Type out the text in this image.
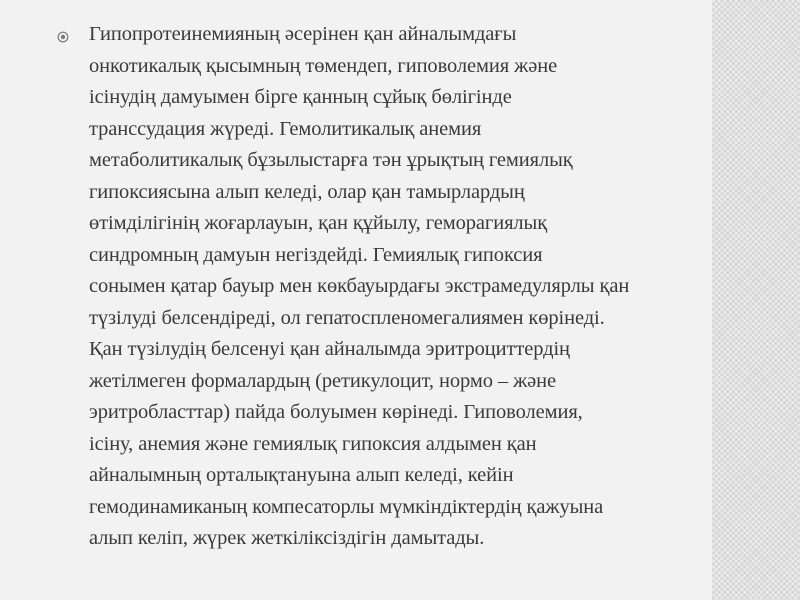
Гипопротеинемияның әсерінен қан айналымдағы
онкотикалық қысымның төмендеп, гиповолемия және
ісінудің дамуымен бірге қанның сұйық бөлігінде
транссудация жүреді. Гемолитикалық анемия
метаболитикалық бұзылыстарға тән ұрықтың гемиялық
гипоксиясына алып келеді, олар қан тамырлардың
өтімділігінің жоғарлауын, қан құйылу, геморагиялық
синдромның дамуын негіздейді. Гемиялық гипоксия
сонымен қатар бауыр мен көкбауырдағы экстрамедулярлы қан
түзілуді белсендіреді, ол гепатоспленомегалиямен көрінеді.
Қан түзілудің белсенуі қан айналымда эритроциттердің
жетілмеген формалардың (ретикулоцит, нормо – және
эритробласттар) пайда болуымен көрінеді. Гиповолемия,
ісіну, анемия және гемиялық гипоксия алдымен қан
айналымның орталықтануына алып келеді, кейін
гемодинамиканың компесаторлы мүмкіндіктердің қажуына
алып келіп, жүрек жеткіліксіздігін дамытады.
